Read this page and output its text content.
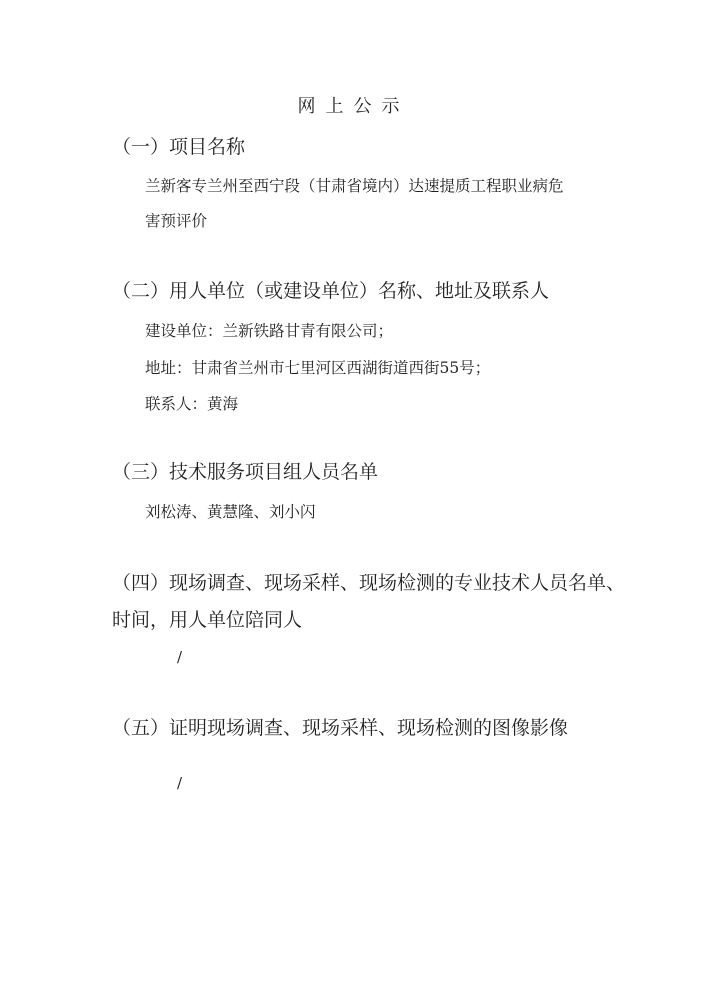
网上公示
（一）项目名称
兰新客专兰州至西宁段（甘肃省境内）达速提质工程职业病危
害预评价
（二）用人单位（或建设单位）名称、地址及联系人
建设单位：兰新铁路甘青有限公司；
地址：甘肃省兰州市七里河区西湖街道西街55号；
联系人：黄海
（三）技术服务项目组人员名单
刘松涛、黄慧隆、刘小闪
（四）现场调查、现场采样、现场检测的专业技术人员名单、
时间，用人单位陪同人
/
（五）证明现场调查、现场采样、现场检测的图像影像
/
